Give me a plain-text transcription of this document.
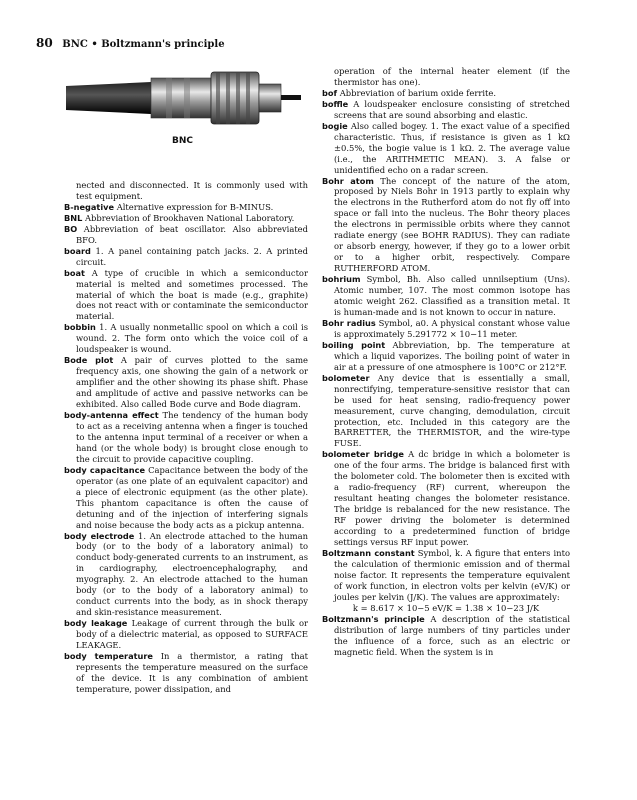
80 BNC • Boltzmann's principle
BNC

nected and disconnected. It is commonly used with test equipment.

B-negative Alternative expression for B-MINUS.

BNL Abbreviation of Brookhaven National Laboratory.

BO Abbreviation of beat oscillator. Also abbreviated BFO.

board 1. A panel containing patch jacks. 2. A printed circuit.

boat A type of crucible in which a semiconductor material is melted and sometimes processed. The material of which the boat is made (e.g., graphite) does not react with or contaminate the semiconductor material.

bobbin 1. A usually nonmetallic spool on which a coil is wound. 2. The form onto which the voice coil of a loudspeaker is wound.

Bode plot A pair of curves plotted to the same frequency axis, one showing the gain of a network or amplifier and the other showing its phase shift. Phase and amplitude of active and passive networks can be exhibited. Also called Bode curve and Bode diagram.

body-antenna effect The tendency of the human body to act as a receiving antenna when a finger is touched to the antenna input terminal of a receiver or when a hand (or the whole body) is brought close enough to the circuit to provide capacitive coupling.

body capacitance Capacitance between the body of the operator (as one plate of an equivalent capacitor) and a piece of electronic equipment (as the other plate). This phantom capacitance is often the cause of detuning and of the injection of interfering signals and noise because the body acts as a pickup antenna.

body electrode 1. An electrode attached to the human body (or to the body of a laboratory animal) to conduct body-generated currents to an instrument, as in cardiography, electroencephalography, and myography. 2. An electrode attached to the human body (or to the body of a laboratory animal) to conduct currents into the body, as in shock therapy and skin-resistance measurement.

body leakage Leakage of current through the bulk or body of a dielectric material, as opposed to SURFACE LEAKAGE.

body temperature In a thermistor, a rating that represents the temperature measured on the surface of the device. It is any combination of ambient temperature, power dissipation, and

operation of the internal heater element (if the thermistor has one).

bof Abbreviation of barium oxide ferrite.

boffle A loudspeaker enclosure consisting of stretched screens that are sound absorbing and elastic.

bogie Also called bogey. 1. The exact value of a specified characteristic. Thus, if resistance is given as 1 kΩ ±0.5%, the bogie value is 1 kΩ. 2. The average value (i.e., the ARITHMETIC MEAN). 3. A false or unidentified echo on a radar screen.

Bohr atom The concept of the nature of the atom, proposed by Niels Bohr in 1913 partly to explain why the electrons in the Rutherford atom do not fly off into space or fall into the nucleus. The Bohr theory places the electrons in permissible orbits where they cannot radiate energy (see BOHR RADIUS). They can radiate or absorb energy, however, if they go to a lower orbit or to a higher orbit, respectively. Compare RUTHERFORD ATOM.

bohrium Symbol, Bh. Also called unnilseptium (Uns). Atomic number, 107. The most common isotope has atomic weight 262. Classified as a transition metal. It is human-made and is not known to occur in nature.

Bohr radius Symbol, a0. A physical constant whose value is approximately 5.291772 × 10−11 meter.

boiling point Abbreviation, bp. The temperature at which a liquid vaporizes. The boiling point of water in air at a pressure of one atmosphere is 100°C or 212°F.

bolometer Any device that is essentially a small, nonrectifying, temperature-sensitive resistor that can be used for heat sensing, radio-frequency power measurement, curve changing, demodulation, circuit protection, etc. Included in this category are the BARRETTER, the THERMISTOR, and the wire-type FUSE.

bolometer bridge A dc bridge in which a bolometer is one of the four arms. The bridge is balanced first with the bolometer cold. The bolometer then is excited with a radio-frequency (RF) current, whereupon the resultant heating changes the bolometer resistance. The bridge is rebalanced for the new resistance. The RF power driving the bolometer is determined according to a predetermined function of bridge settings versus RF input power.

Boltzmann constant Symbol, k. A figure that enters into the calculation of thermionic emission and of thermal noise factor. It represents the temperature equivalent of work function, in electron volts per kelvin (eV/K) or joules per kelvin (J/K). The values are approximately:

k = 8.617 × 10−5 eV/K = 1.38 × 10−23 J/K

Boltzmann's principle A description of the statistical distribution of large numbers of tiny particles under the influence of a force, such as an electric or magnetic field. When the system is in
